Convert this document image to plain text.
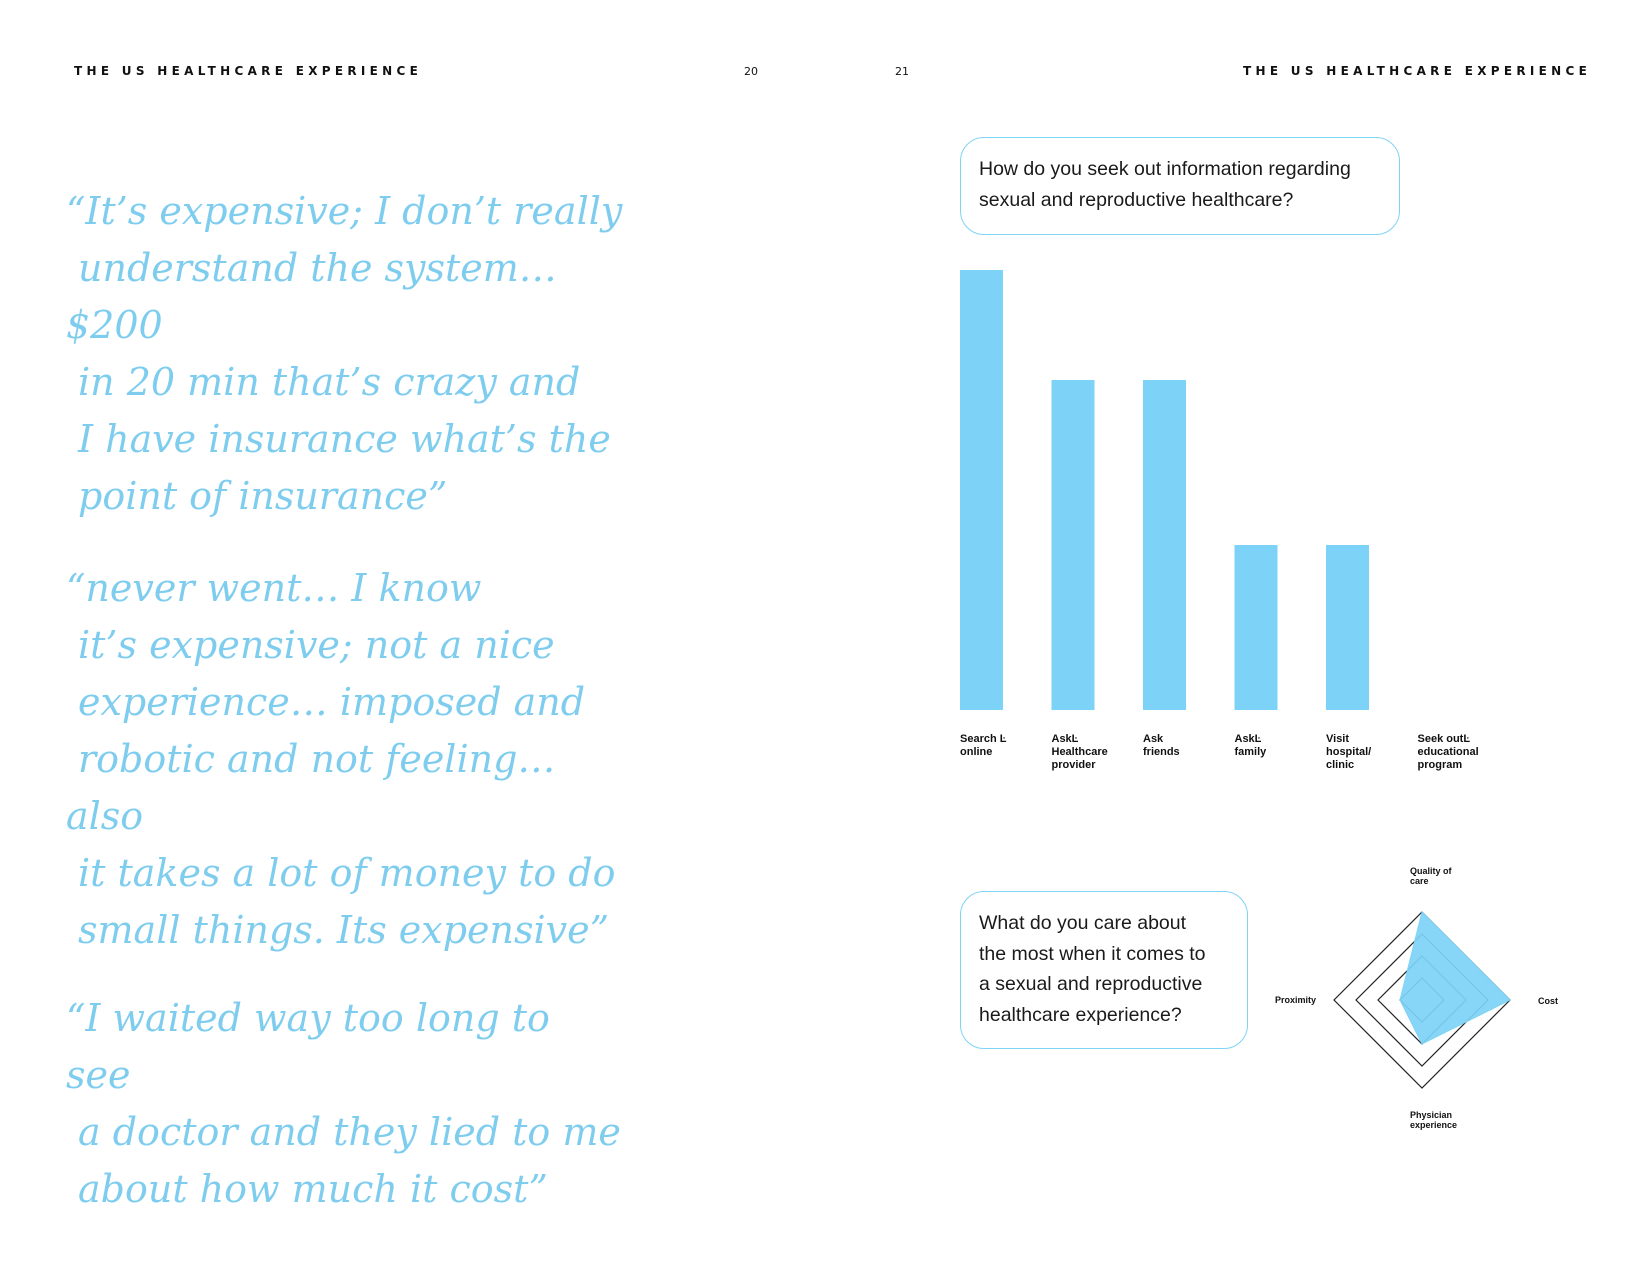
THE US HEALTHCARE EXPERIENCE	20	21	THE US HEALTHCARE EXPERIENCE

“It’s expensive; I don’t really
understand the system…$200
in 20 min that’s crazy and
I have insurance what’s the
point of insurance”

“never went… I know
it’s expensive; not a nice
experience… imposed and
robotic and not feeling… also
it takes a lot of money to do
small things. Its expensive”

“I waited way too long to see
a doctor and they lied to me
about how much it cost”

How do you seek out information regarding
sexual and reproductive healthcare?
What do you care about
the most when it comes to
a sexual and reproductive
healthcare experience?
Search Ŀ online
AskĿ Healthcare provider
Ask friends
AskĿ family
Visit hospital/ clinic
Seek outĿ educational program
Quality of care
Cost
Physician experience
Proximity
